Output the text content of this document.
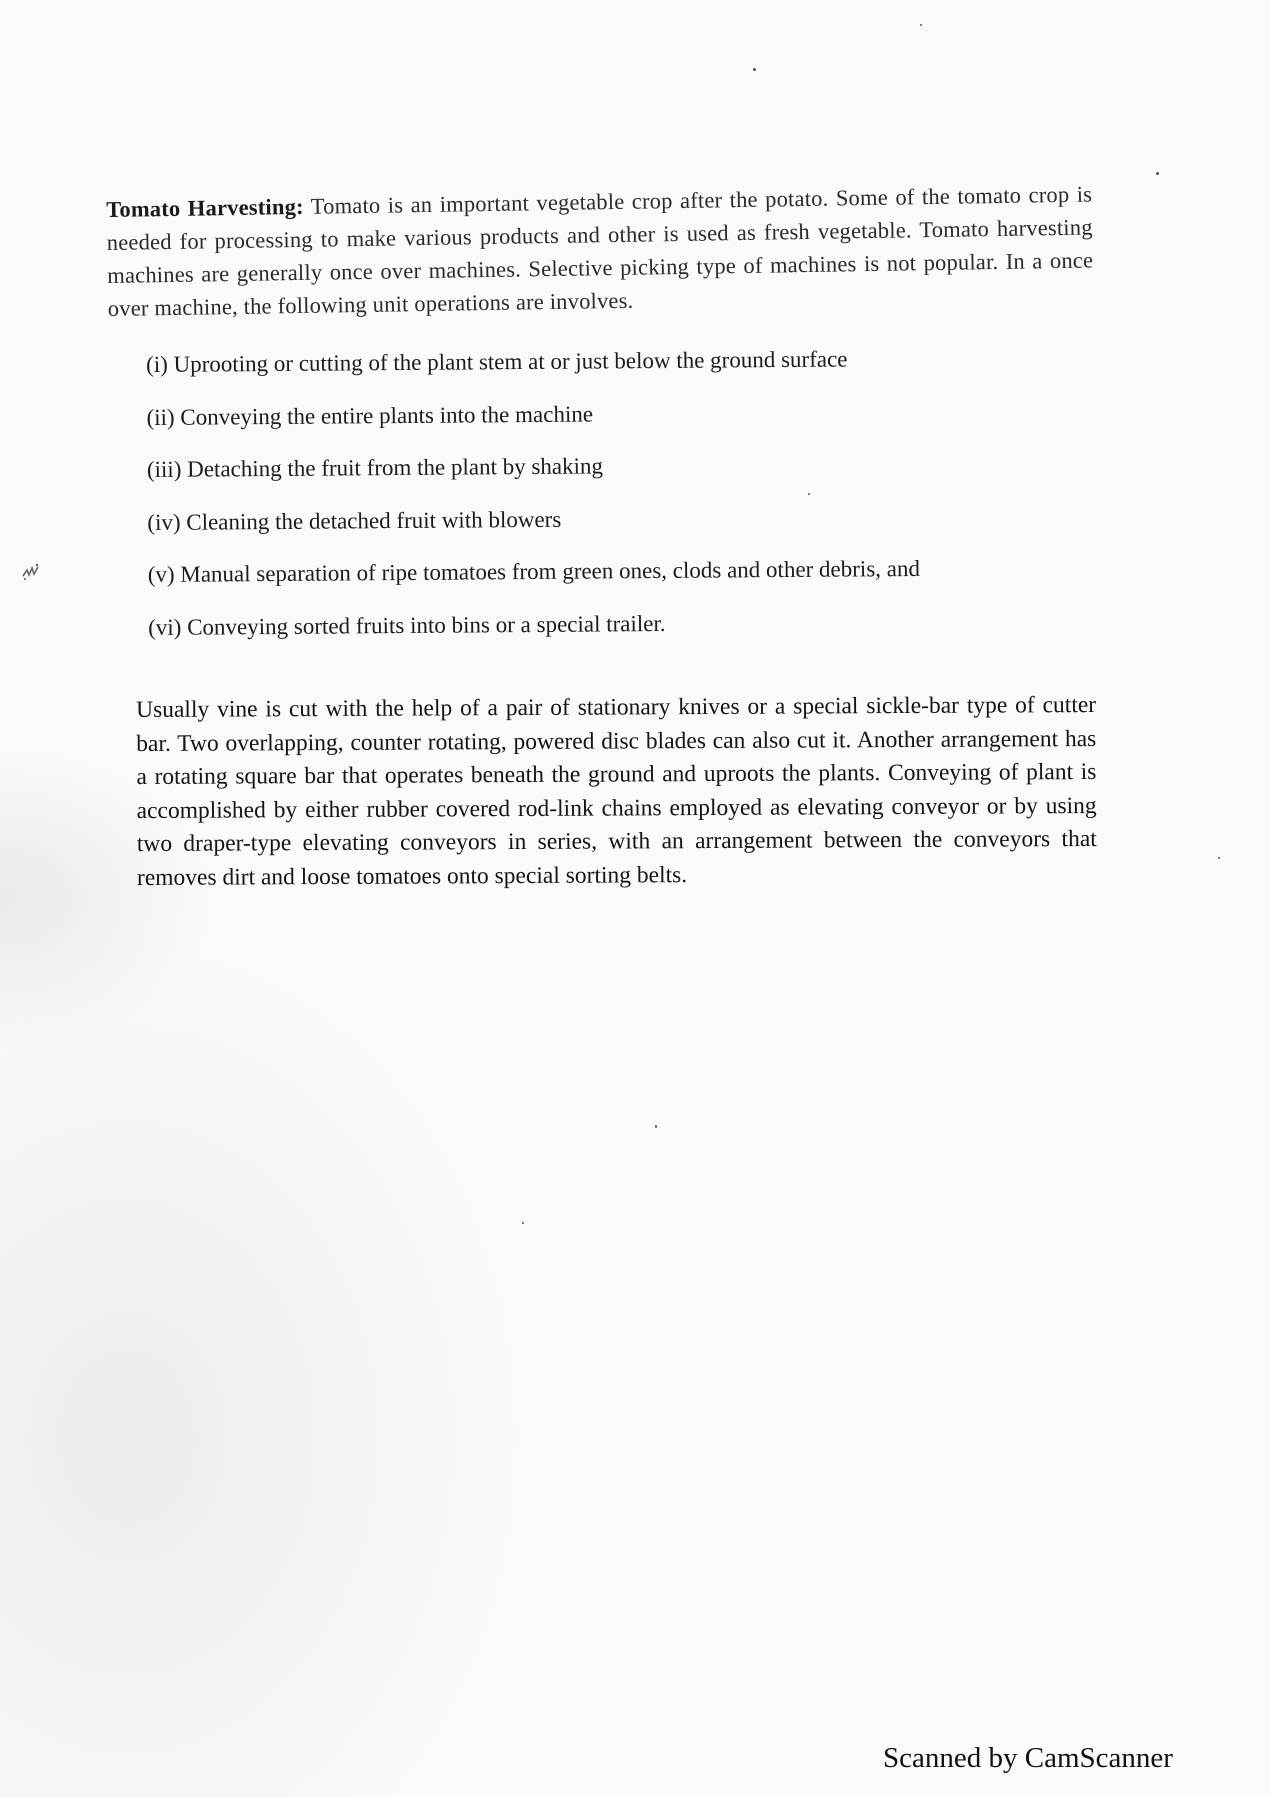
Tomato Harvesting: Tomato is an important vegetable crop after the potato. Some of the tomato crop is needed for processing to make various products and other is used as fresh vegetable. Tomato harvesting machines are generally once over machines. Selective picking type of machines is not popular. In a once over machine, the following unit operations are involves.

(i) Uprooting or cutting of the plant stem at or just below the ground surface
(ii) Conveying the entire plants into the machine
(iii) Detaching the fruit from the plant by shaking
(iv) Cleaning the detached fruit with blowers
(v) Manual separation of ripe tomatoes from green ones, clods and other debris, and
(vi) Conveying sorted fruits into bins or a special trailer.

Usually vine is cut with the help of a pair of stationary knives or a special sickle-bar type of cutter bar. Two overlapping, counter rotating, powered disc blades can also cut it. Another arrangement has a rotating square bar that operates beneath the ground and uproots the plants. Conveying of plant is accomplished by either rubber covered rod-link chains employed as elevating conveyor or by using two draper-type elevating conveyors in series, with an arrangement between the conveyors that removes dirt and loose tomatoes onto special sorting belts.

Scanned by CamScanner
